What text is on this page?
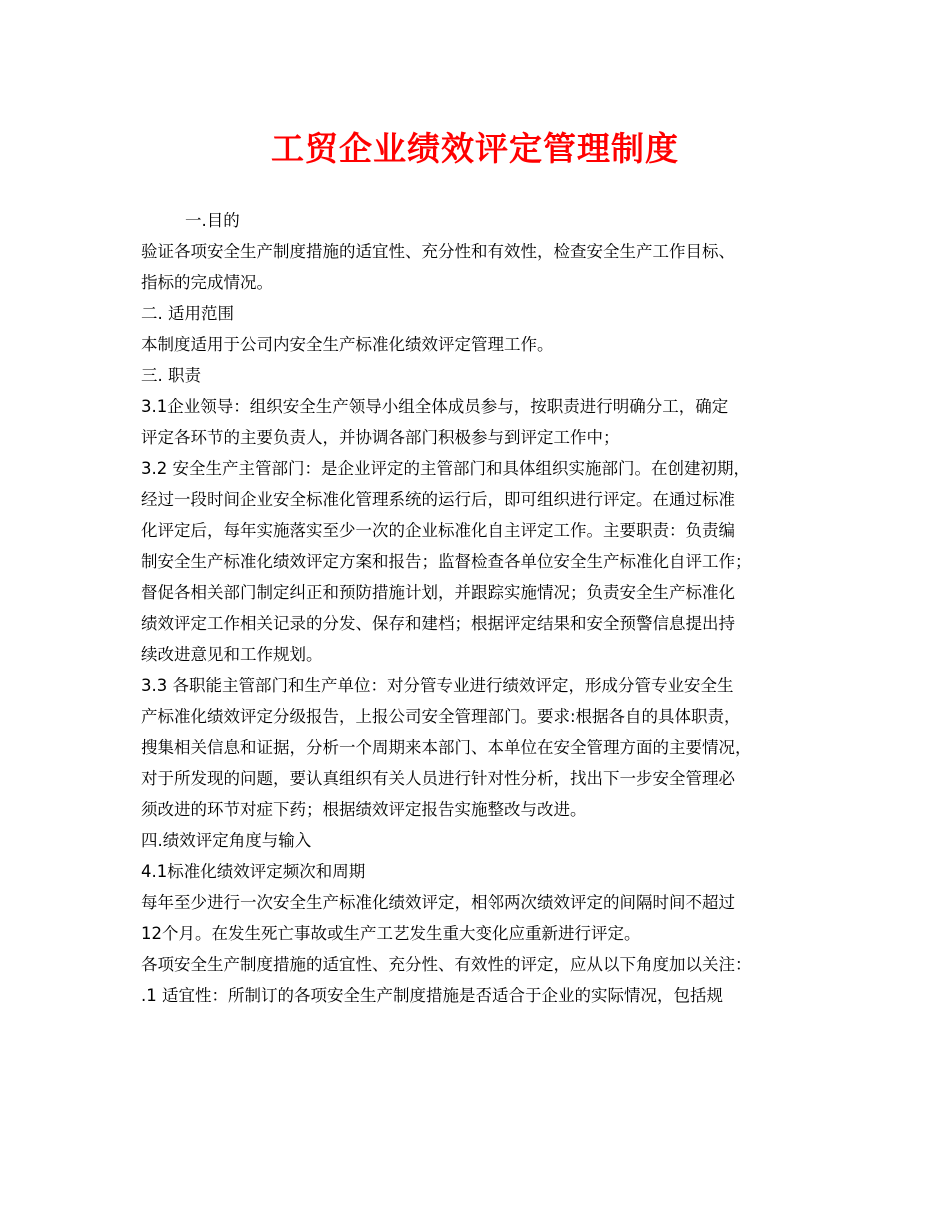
工贸企业绩效评定管理制度

一.目的

验证各项安全生产制度措施的适宜性、充分性和有效性，检查安全生产工作目标、

指标的完成情况。

二. 适用范围

本制度适用于公司内安全生产标准化绩效评定管理工作。

三. 职责

3.1企业领导：组织安全生产领导小组全体成员参与，按职责进行明确分工，确定

评定各环节的主要负责人，并协调各部门积极参与到评定工作中；

3.2 安全生产主管部门：是企业评定的主管部门和具体组织实施部门。在创建初期，

经过一段时间企业安全标准化管理系统的运行后，即可组织进行评定。在通过标准

化评定后，每年实施落实至少一次的企业标准化自主评定工作。主要职责：负责编

制安全生产标准化绩效评定方案和报告；监督检查各单位安全生产标准化自评工作；

督促各相关部门制定纠正和预防措施计划，并跟踪实施情况；负责安全生产标准化

绩效评定工作相关记录的分发、保存和建档；根据评定结果和安全预警信息提出持

续改进意见和工作规划。

3.3 各职能主管部门和生产单位：对分管专业进行绩效评定，形成分管专业安全生

产标准化绩效评定分级报告，上报公司安全管理部门。要求:根据各自的具体职责，

搜集相关信息和证据，分析一个周期来本部门、本单位在安全管理方面的主要情况，

对于所发现的问题，要认真组织有关人员进行针对性分析，找出下一步安全管理必

须改进的环节对症下药；根据绩效评定报告实施整改与改进。

四.绩效评定角度与输入

4.1标准化绩效评定频次和周期

每年至少进行一次安全生产标准化绩效评定，相邻两次绩效评定的间隔时间不超过

12个月。在发生死亡事故或生产工艺发生重大变化应重新进行评定。

各项安全生产制度措施的适宜性、充分性、有效性的评定，应从以下角度加以关注：

.1 适宜性：所制订的各项安全生产制度措施是否适合于企业的实际情况，包括规
